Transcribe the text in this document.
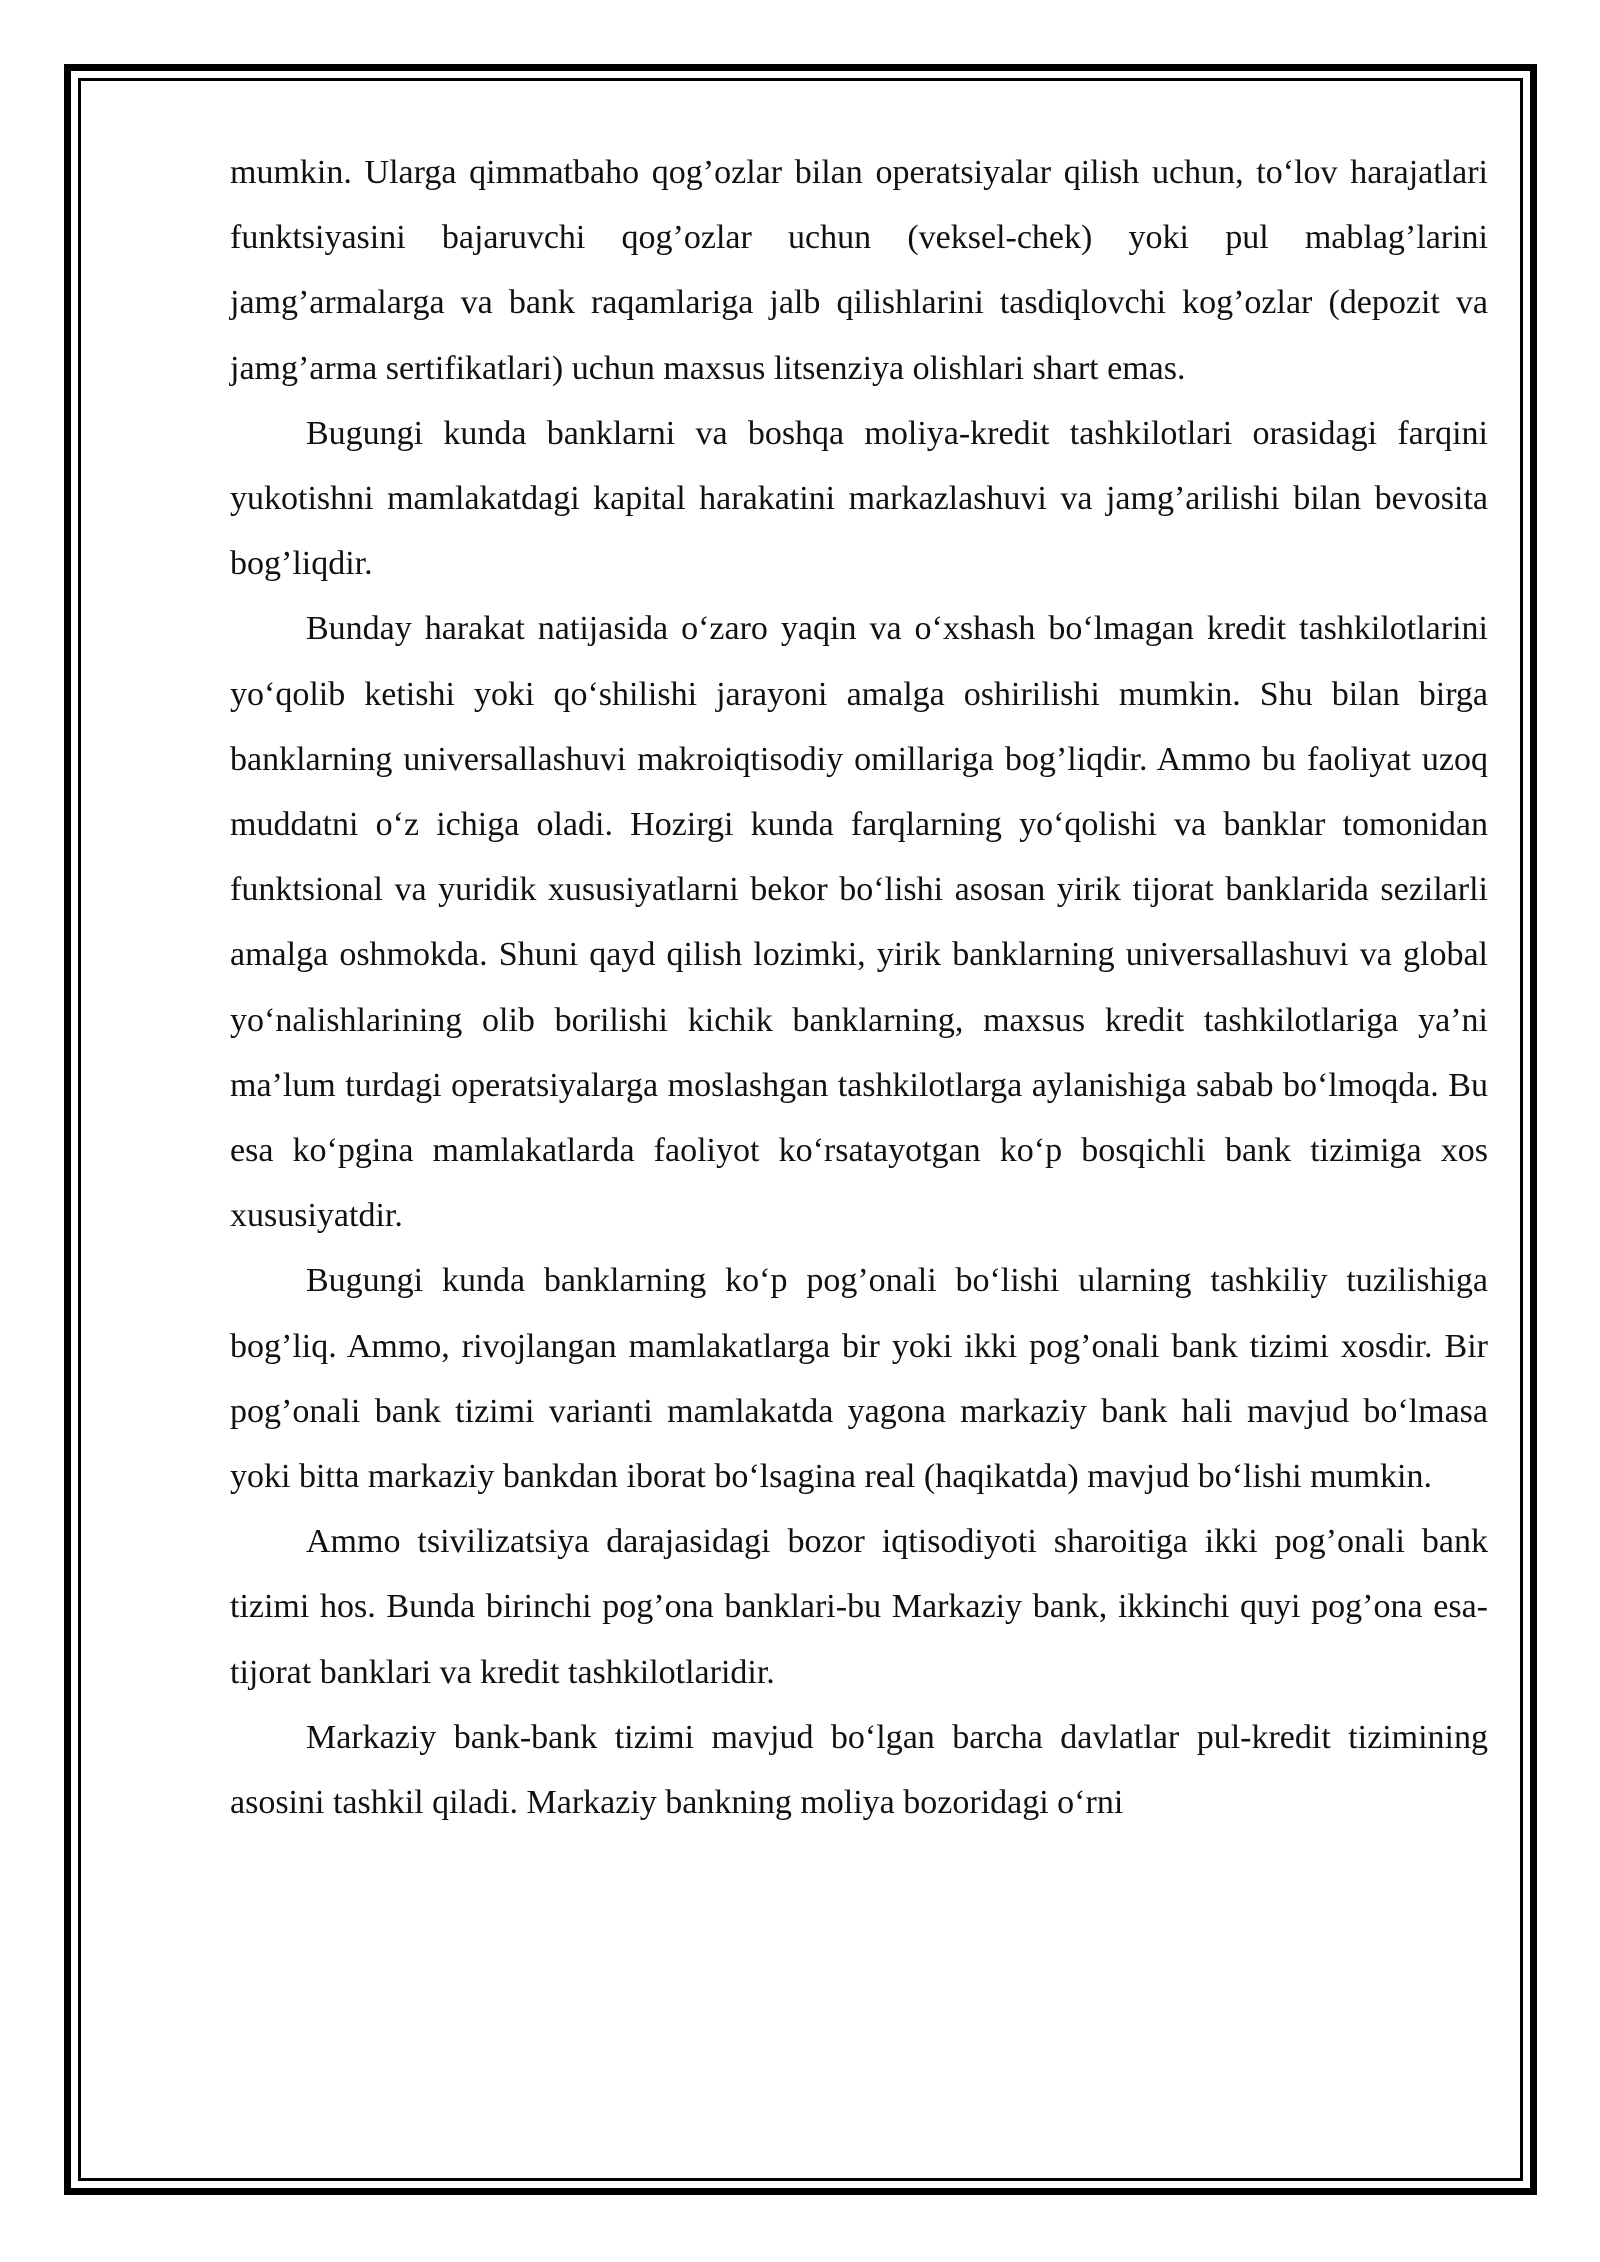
mumkin. Ularga qimmatbaho qog’ozlar bilan operatsiyalar qilish uchun, to‘lov harajatlari funktsiyasini bajaruvchi qog’ozlar uchun (veksel-chek) yoki pul mablag’larini jamg’armalarga va bank raqamlariga jalb qilishlarini tasdiqlovchi kog’ozlar (depozit va jamg’arma sertifikatlari) uchun maxsus litsenziya olishlari shart emas.

Bugungi kunda banklarni va boshqa moliya-kredit tashkilotlari orasidagi farqini yukotishni mamlakatdagi kapital harakatini markazlashuvi va jamg’arilishi bilan bevosita bog’liqdir.

Bunday harakat natijasida o‘zaro yaqin va o‘xshash bo‘lmagan kredit tashkilotlarini yo‘qolib ketishi yoki qo‘shilishi jarayoni amalga oshirilishi mumkin. Shu bilan birga banklarning universallashuvi makroiqtisodiy omillariga bog’liqdir. Ammo bu faoliyat uzoq muddatni o‘z ichiga oladi. Hozirgi kunda farqlarning yo‘qolishi va banklar tomonidan funktsional va yuridik xususiyatlarni bekor bo‘lishi asosan yirik tijorat banklarida sezilarli amalga oshmokda. Shuni qayd qilish lozimki, yirik banklarning universallashuvi va global yo‘nalishlarining olib borilishi kichik banklarning, maxsus kredit tashkilotlariga ya’ni ma’lum turdagi operatsiyalarga moslashgan tashkilotlarga aylanishiga sabab bo‘lmoqda. Bu esa ko‘pgina mamlakatlarda faoliyot ko‘rsatayotgan ko‘p bosqichli bank tizimiga xos xususiyatdir.

Bugungi kunda banklarning ko‘p pog’onali bo‘lishi ularning tashkiliy tuzilishiga bog’liq. Ammo, rivojlangan mamlakatlarga bir yoki ikki pog’onali bank tizimi xosdir. Bir pog’onali bank tizimi varianti mamlakatda yagona markaziy bank hali mavjud bo‘lmasa yoki bitta markaziy bankdan iborat bo‘lsagina real (haqikatda) mavjud bo‘lishi mumkin.

Ammo tsivilizatsiya darajasidagi bozor iqtisodiyoti sharoitiga ikki pog’onali bank tizimi hos. Bunda birinchi pog’ona banklari-bu Markaziy bank, ikkinchi quyi pog’ona esa-tijorat banklari va kredit tashkilotlaridir.

Markaziy bank-bank tizimi mavjud bo‘lgan barcha davlatlar pul-kredit tizimining asosini tashkil qiladi. Markaziy bankning moliya bozoridagi o‘rni
